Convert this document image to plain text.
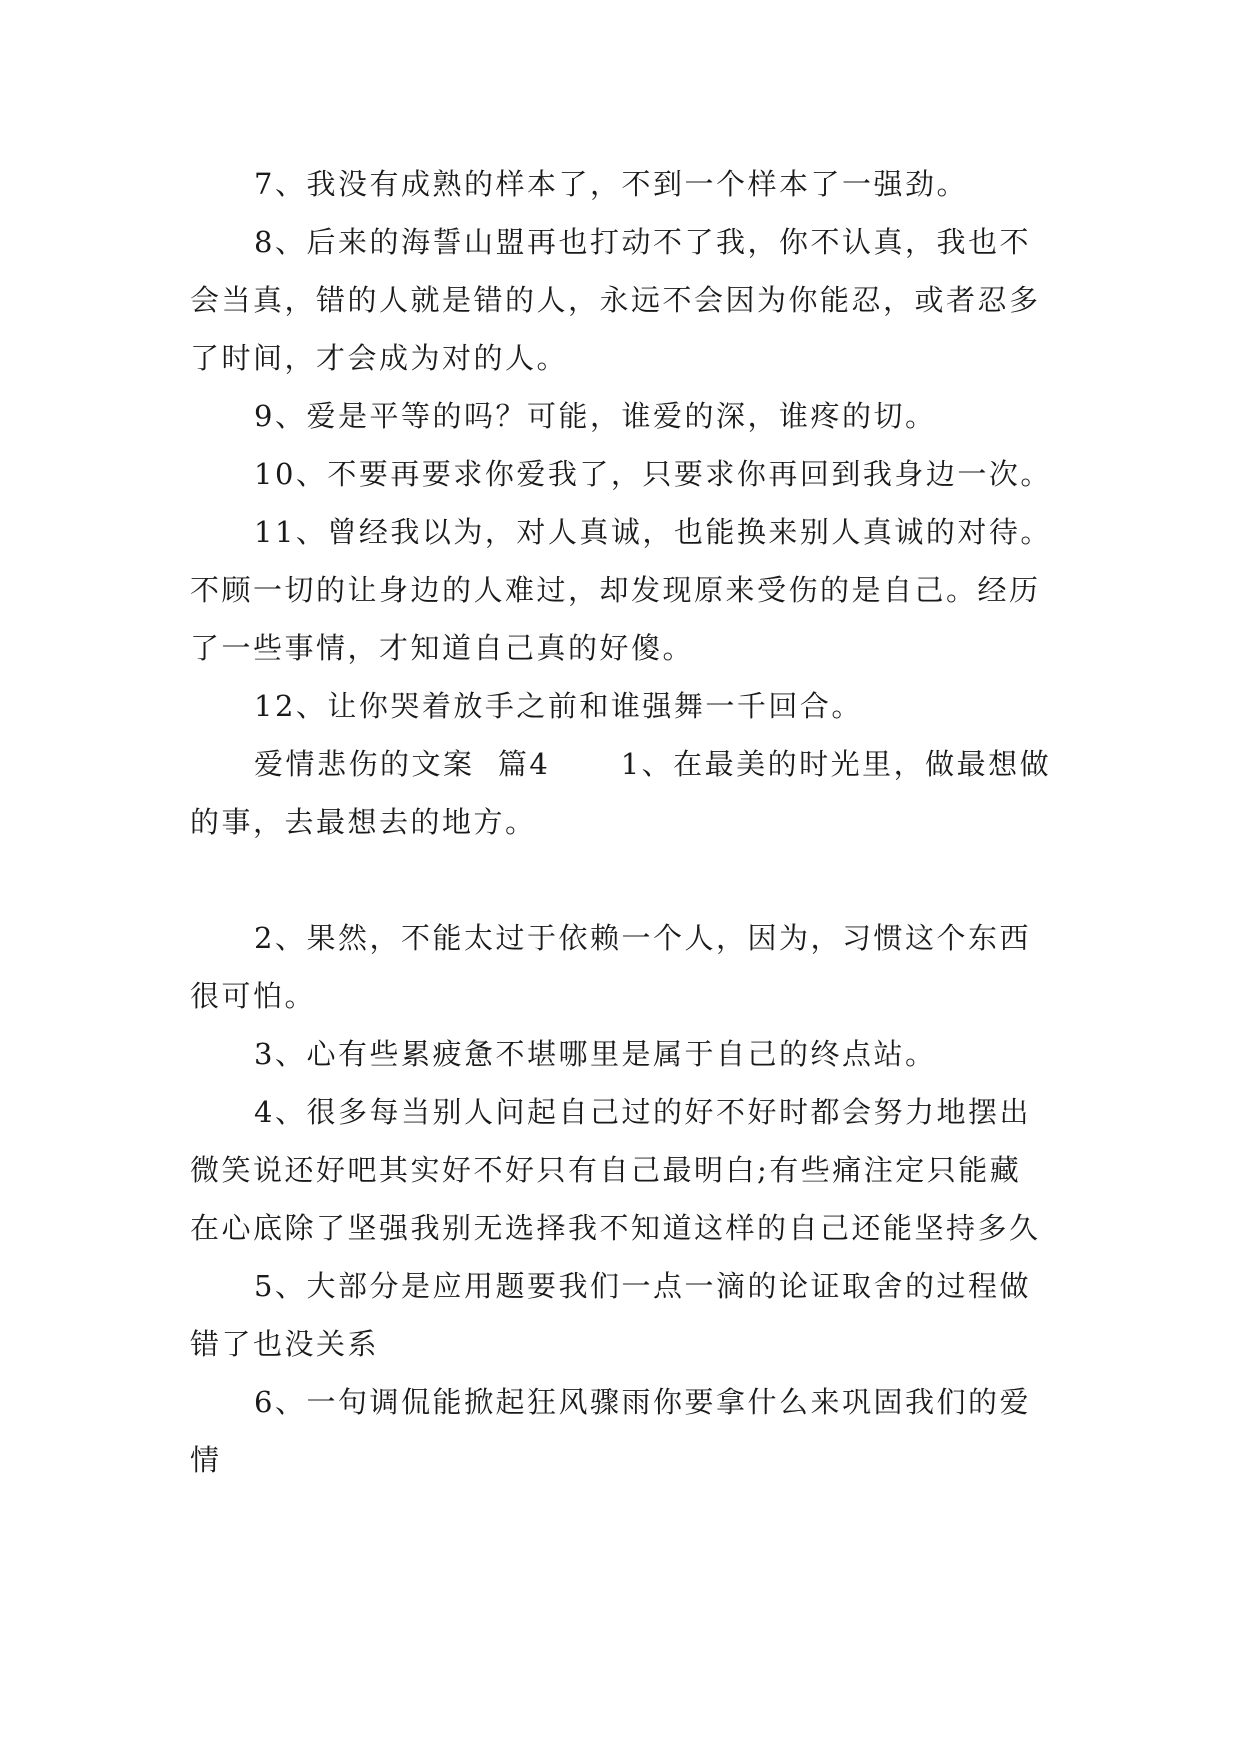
7、我没有成熟的样本了，不到一个样本了一强劲。

8、后来的海誓山盟再也打动不了我，你不认真，我也不会当真，错的人就是错的人，永远不会因为你能忍，或者忍多了时间，才会成为对的人。

9、爱是平等的吗？可能，谁爱的深，谁疼的切。

10、不要再要求你爱我了，只要求你再回到我身边一次。

11、曾经我以为，对人真诚，也能换来别人真诚的对待。不顾一切的让身边的人难过，却发现原来受伤的是自己。经历了一些事情，才知道自己真的好傻。

12、让你哭着放手之前和谁强舞一千回合。

爱情悲伤的文案  篇4      1、在最美的时光里，做最想做的事，去最想去的地方。

2、果然，不能太过于依赖一个人，因为，习惯这个东西很可怕。

3、心有些累疲惫不堪哪里是属于自己的终点站。

4、很多每当别人问起自己过的好不好时都会努力地摆出微笑说还好吧其实好不好只有自己最明白;有些痛注定只能藏在心底除了坚强我别无选择我不知道这样的自己还能坚持多久

5、大部分是应用题要我们一点一滴的论证取舍的过程做错了也没关系

6、一句调侃能掀起狂风骤雨你要拿什么来巩固我们的爱情
